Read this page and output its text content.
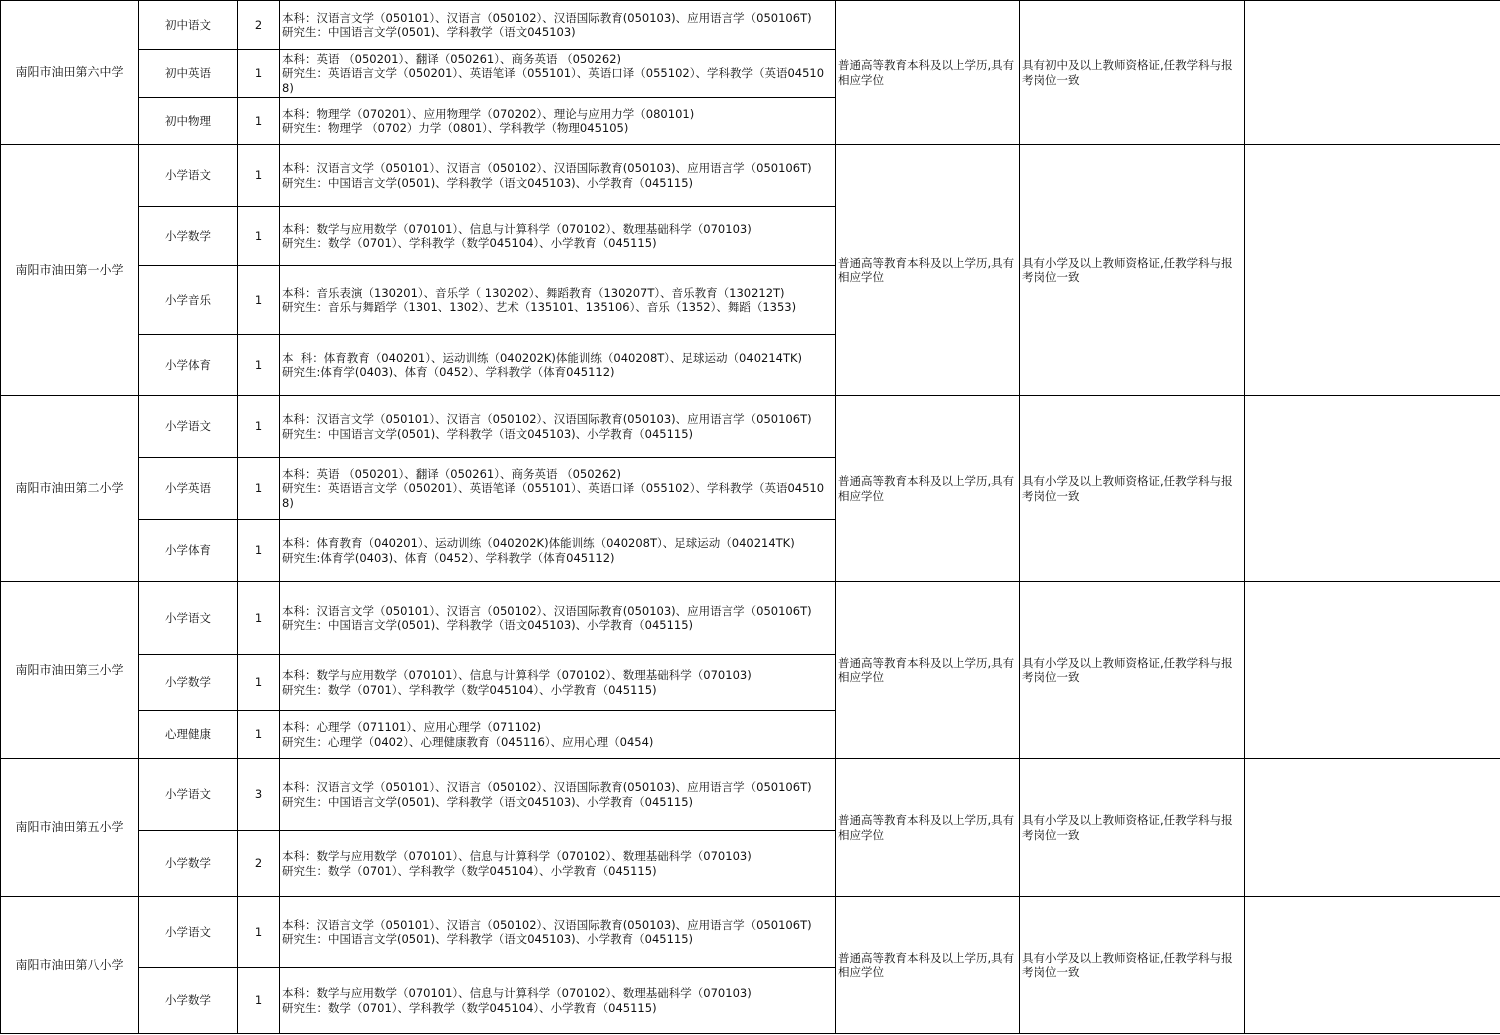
南阳市油田第六中学	初中语文	2	本科：汉语言文学（050101）、汉语言（050102）、汉语国际教育(050103)、应用语言学（050106T)
研究生：中国语言文学(0501)、学科教学（语文045103)	普通高等教育本科及以上学历,具有相应学位	具有初中及以上教师资格证,任教学科与报考岗位一致	
	初中英语	1	本科：英语 （050201）、翻译（050261）、商务英语 （050262)
研究生：英语语言文学（050201）、英语笔译（055101）、英语口译（055102）、学科教学（英语045108)			
	初中物理	1	本科：物理学（070201）、应用物理学（070202）、理论与应用力学（080101)
研究生：物理学 （0702）力学（0801）、学科教学（物理045105)			
南阳市油田第一小学	小学语文	1	本科：汉语言文学（050101）、汉语言（050102）、汉语国际教育(050103)、应用语言学（050106T)
研究生：中国语言文学(0501)、学科教学（语文045103)、小学教育（045115)	普通高等教育本科及以上学历,具有相应学位	具有小学及以上教师资格证,任教学科与报考岗位一致	
	小学数学	1	本科：数学与应用数学（070101）、信息与计算科学（070102）、数理基础科学（070103)
研究生：数学（0701）、学科教学（数学045104）、小学教育（045115)			
	小学音乐	1	本科：音乐表演（130201）、音乐学（ 130202）、舞蹈教育（130207T）、音乐教育（130212T)
研究生：音乐与舞蹈学（1301、1302）、艺术（135101、135106）、音乐（1352）、舞蹈（1353)			
	小学体育	1	本  科：体育教育（040201）、运动训练（040202K)体能训练（040208T）、足球运动（040214TK)
研究生:体育学(0403)、体育（0452）、学科教学（体育045112)			
南阳市油田第二小学	小学语文	1	本科：汉语言文学（050101）、汉语言（050102）、汉语国际教育(050103)、应用语言学（050106T)
研究生：中国语言文学(0501)、学科教学（语文045103)、小学教育（045115)	普通高等教育本科及以上学历,具有相应学位	具有小学及以上教师资格证,任教学科与报考岗位一致	
	小学英语	1	本科：英语 （050201）、翻译（050261）、商务英语 （050262)
研究生：英语语言文学（050201）、英语笔译（055101）、英语口译（055102）、学科教学（英语045108)			
	小学体育	1	本科：体育教育（040201）、运动训练（040202K)体能训练（040208T）、足球运动（040214TK)
研究生:体育学(0403)、体育（0452）、学科教学（体育045112)			
南阳市油田第三小学	小学语文	1	本科：汉语言文学（050101）、汉语言（050102）、汉语国际教育(050103)、应用语言学（050106T)
研究生：中国语言文学(0501)、学科教学（语文045103)、小学教育（045115)	普通高等教育本科及以上学历,具有相应学位	具有小学及以上教师资格证,任教学科与报考岗位一致	
	小学数学	1	本科：数学与应用数学（070101）、信息与计算科学（070102）、数理基础科学（070103)
研究生：数学（0701）、学科教学（数学045104）、小学教育（045115)			
	心理健康	1	本科：心理学（071101）、应用心理学（071102)
研究生：心理学（0402）、心理健康教育（045116）、应用心理（0454)			
南阳市油田第五小学	小学语文	3	本科：汉语言文学（050101）、汉语言（050102）、汉语国际教育(050103)、应用语言学（050106T)
研究生：中国语言文学(0501)、学科教学（语文045103)、小学教育（045115)	普通高等教育本科及以上学历,具有相应学位	具有小学及以上教师资格证,任教学科与报考岗位一致	
	小学数学	2	本科：数学与应用数学（070101）、信息与计算科学（070102）、数理基础科学（070103)
研究生：数学（0701）、学科教学（数学045104）、小学教育（045115)			
南阳市油田第八小学	小学语文	1	本科：汉语言文学（050101）、汉语言（050102）、汉语国际教育(050103)、应用语言学（050106T)
研究生：中国语言文学(0501)、学科教学（语文045103)、小学教育（045115)	普通高等教育本科及以上学历,具有相应学位	具有小学及以上教师资格证,任教学科与报考岗位一致	
	小学数学	1	本科：数学与应用数学（070101）、信息与计算科学（070102）、数理基础科学（070103)
研究生：数学（0701）、学科教学（数学045104）、小学教育（045115)			
